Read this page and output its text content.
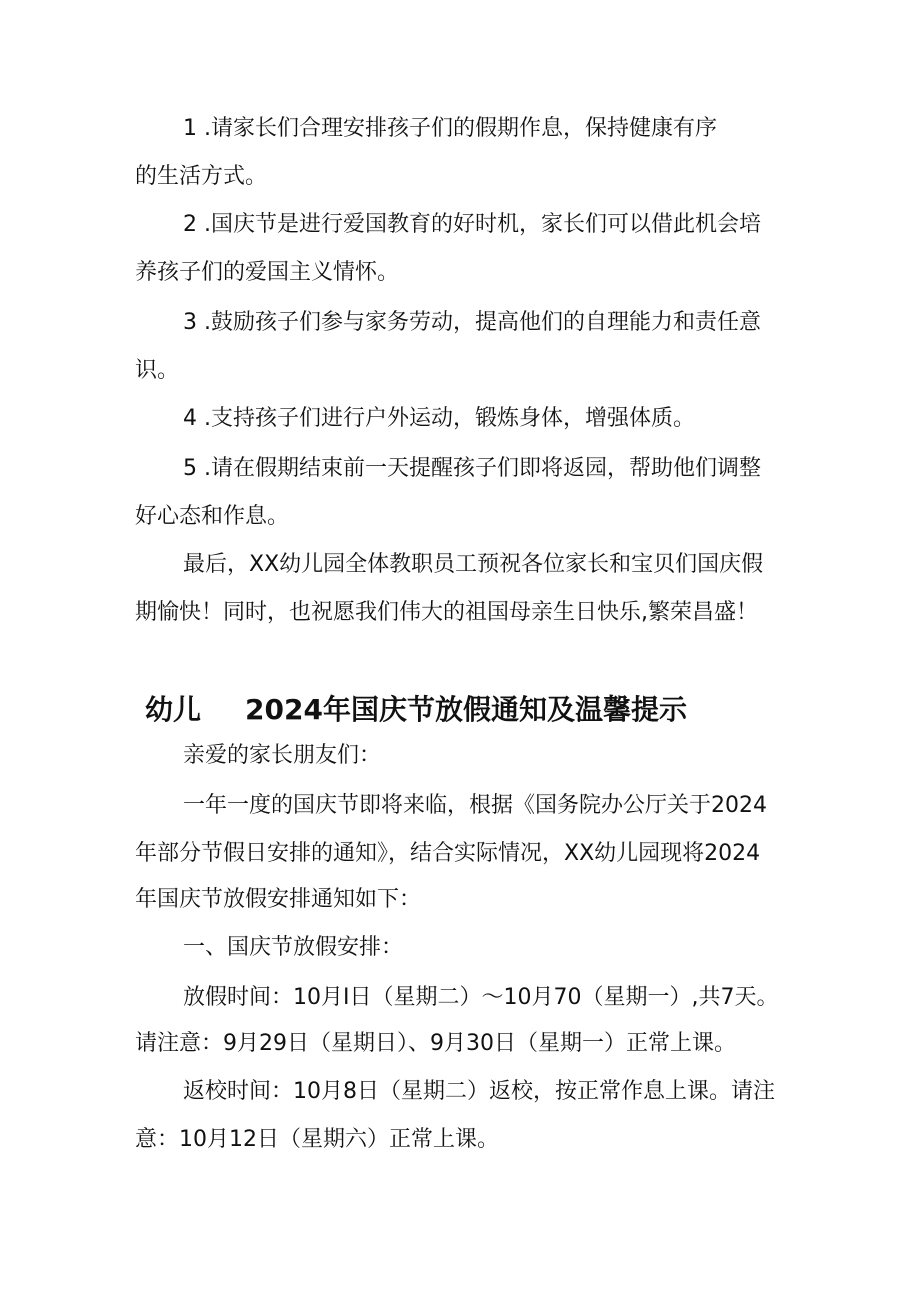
1 .请家长们合理安排孩子们的假期作息，保持健康有序

的生活方式。

2 .国庆节是进行爱国教育的好时机，家长们可以借此机会培

养孩子们的爱国主义情怀。

3 .鼓励孩子们参与家务劳动，提高他们的自理能力和责任意

识。

4 .支持孩子们进行户外运动，锻炼身体，增强体质。

5 .请在假期结束前一天提醒孩子们即将返园，帮助他们调整

好心态和作息。

最后，XX幼儿园全体教职员工预祝各位家长和宝贝们国庆假

期愉快！同时，也祝愿我们伟大的祖国母亲生日快乐,繁荣昌盛！

幼儿 2024年国庆节放假通知及温馨提示

亲爱的家长朋友们：

一年一度的国庆节即将来临，根据《国务院办公厅关于2024

年部分节假日安排的通知》，结合实际情况，XX幼儿园现将2024

年国庆节放假安排通知如下：

一、国庆节放假安排：

放假时间：10月I日（星期二）〜10月70（星期一）,共7天。

请注意：9月29日（星期日）、9月30日（星期一）正常上课。

返校时间：10月8日（星期二）返校，按正常作息上课。请注

意：10月12日（星期六）正常上课。
